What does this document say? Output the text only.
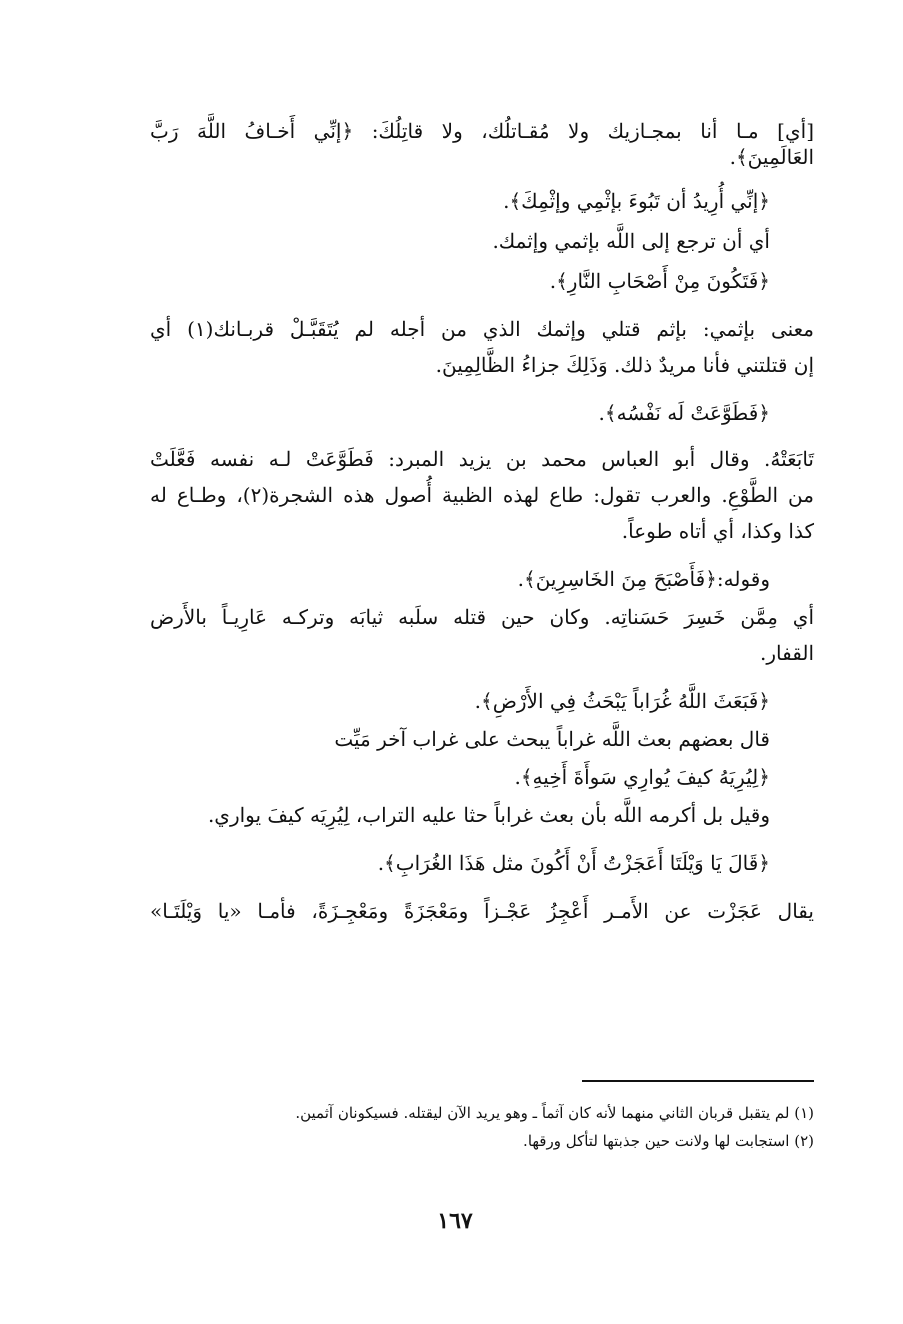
[أي] مـا أنا بمجـازيك ولا مُقـاتلُك، ولا قاتِلُكَ: ﴿إنِّي أَخـافُ اللَّهَ رَبَّ

العَالَمِينَ﴾.

﴿إنِّي أُرِيدُ أن تَبُوءَ بإثْمِي وإثْمِكَ﴾.

أي أن ترجع إلى اللَّه بإثمي وإثمك.

﴿فَتَكُونَ مِنْ أَصْحَابِ النَّارِ﴾.

معنى بإثمي: بإثم قتلي وإثمك الذي من أجله لم يُتَقَبَّـلْ قربـانك(١) أي

إن قتلتني فأنا مريدٌ ذلك. وَذَلِكَ جزاءُ الظَّالِمِينَ.

﴿فَطَوَّعَتْ لَه نَفْسُه﴾.

تَابَعَتْهُ. وقال أبو العباس محمد بن يزيد المبرد: فَطَوَّعَتْ لـه نفسه فَعَّلَتْ

من الطَّوْعِ. والعرب تقول: طاع لهذه الظبية أُصول هذه الشجرة(٢)، وطـاع له

كذا وكذا، أي أتاه طوعاً.

وقوله:﴿فَأَصْبَحَ مِنَ الخَاسِرِينَ﴾.

أي مِمَّن خَسِرَ حَسَناتِه. وكان حين قتله سلَبه ثيابَه وتركـه عَارِيـاً بالأَرض

القفار.

﴿فَبَعَثَ اللَّهُ غُرَاباً يَبْحَثُ فِي الأَرْضِ﴾.

قال بعضهم بعث اللَّه غراباً يبحث على غراب آخر مَيِّت

﴿لِيُرِيَهُ كيفَ يُوارِي سَوأَةَ أَخِيهِ﴾.

وقيل بل أكرمه اللَّه بأن بعث غراباً حثا عليه التراب، لِيُرِيَه كيفَ يواري.

﴿قَالَ يَا وَيْلَتَا أَعَجَزْتُ أَنْ أَكُونَ مثل هَذَا الغُرَابِ﴾.

يقال عَجَزْت عن الأَمـر أَعْجِزُ عَجْـزاً ومَعْجَزَةً ومَعْجِـزَةً، فأمـا «يا وَيْلَتَـا»

(١) لم يتقبل قربان الثاني منهما لأنه كان آثماً ـ وهو يريد الآن ليقتله. فسيكونان آثمين.

(٢) استجابت لها ولانت حين جذبتها لتأكل ورقها.

١٦٧
